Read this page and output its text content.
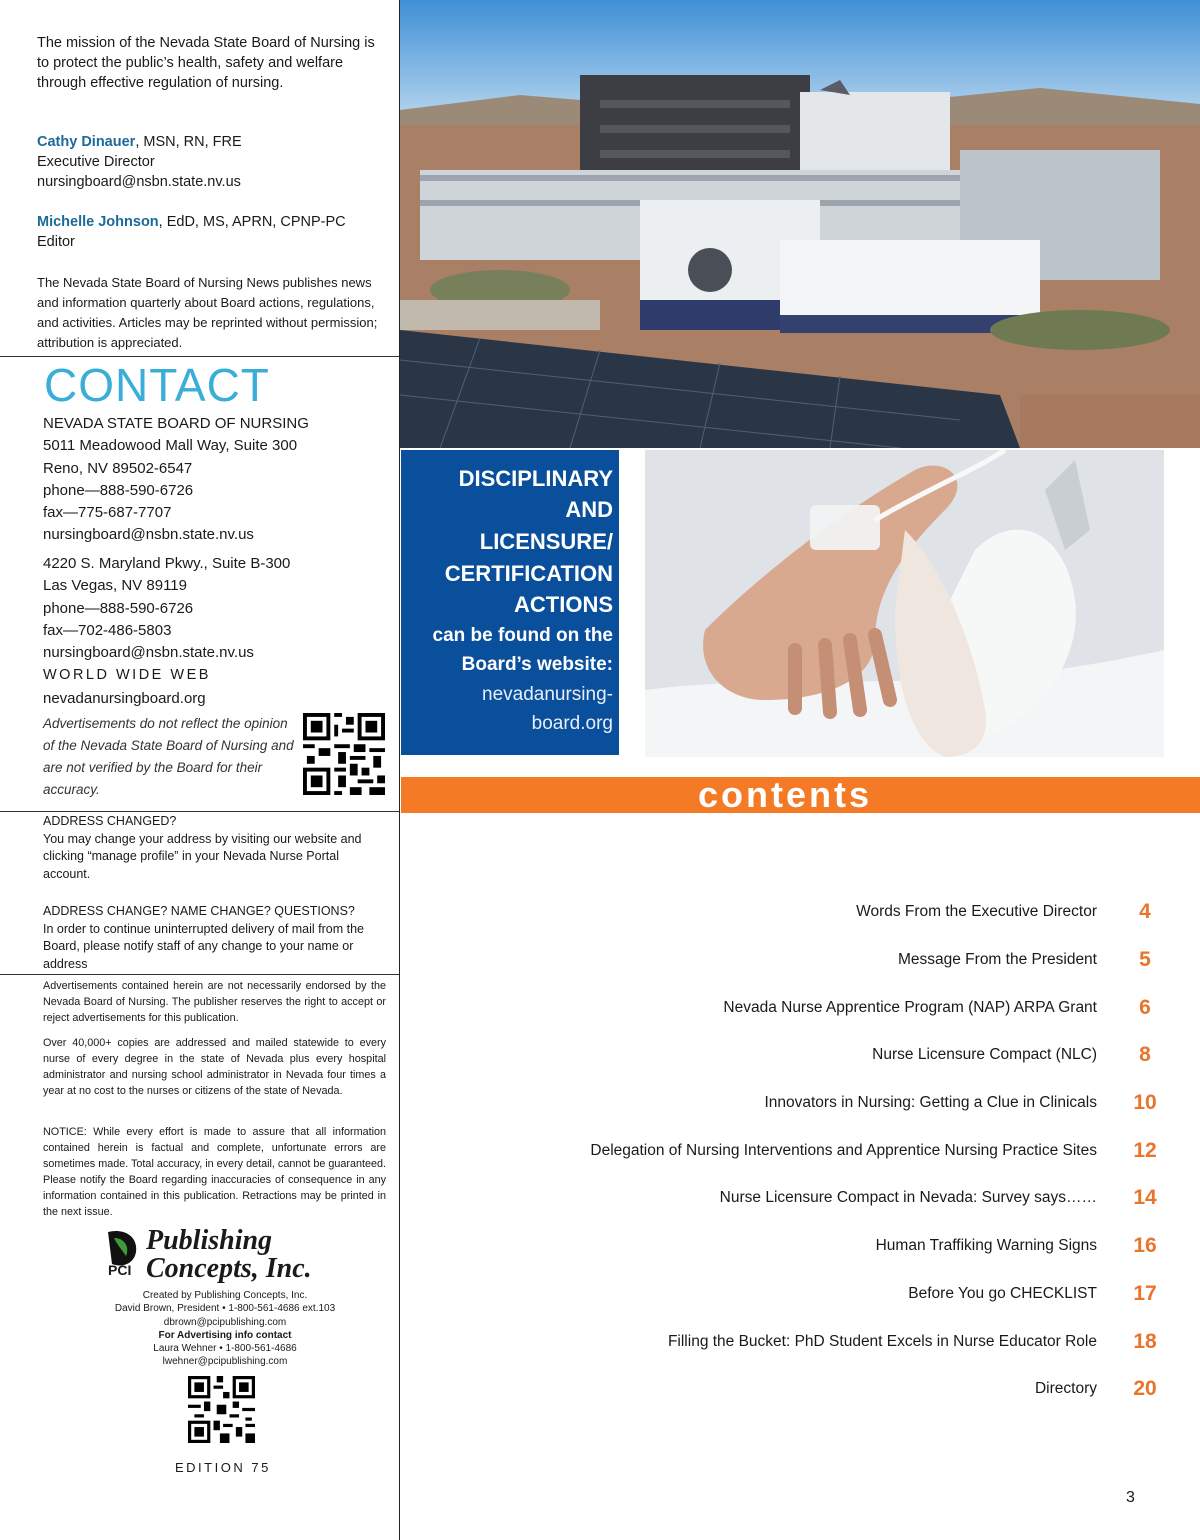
The mission of the Nevada State Board of Nursing is to protect the public’s health, safety and welfare through effective regulation of nursing.
Cathy Dinauer, MSN, RN, FRE
Executive Director
nursingboard@nsbn.state.nv.us
Michelle Johnson, EdD, MS, APRN, CPNP-PC
Editor
The Nevada State Board of Nursing News publishes news and information quarterly about Board actions, regulations, and activities. Articles may be reprinted without permission; attribution is appreciated.
CONTACT
NEVADA STATE BOARD OF NURSING
5011 Meadowood Mall Way, Suite 300
Reno, NV 89502-6547
phone—888-590-6726
fax—775-687-7707
nursingboard@nsbn.state.nv.us
4220 S. Maryland Pkwy., Suite B-300
Las Vegas, NV 89119
phone—888-590-6726
fax—702-486-5803
nursingboard@nsbn.state.nv.us
WORLD WIDE WEB
nevadanursingboard.org
Advertisements do not reflect the opinion of the Nevada State Board of Nursing and are not verified by the Board for their accuracy.
ADDRESS CHANGED?
You may change your address by visiting our website and clicking “manage profile” in your Nevada Nurse Portal account.
ADDRESS CHANGE? NAME CHANGE? QUESTIONS?
In order to continue uninterrupted delivery of mail from the Board, please notify staff of any change to your name or address
Advertisements contained herein are not necessarily endorsed by the Nevada Board of Nursing. The publisher reserves the right to accept or reject advertisements for this publication.
Over 40,000+ copies are addressed and mailed statewide to every nurse of every degree in the state of Nevada plus every hospital administrator and nursing school administrator in Nevada four times a year at no cost to the nurses or citizens of the state of Nevada.
NOTICE: While every effort is made to assure that all information contained herein is factual and complete, unfortunate errors are sometimes made. Total accuracy, in every detail, cannot be guaranteed. Please notify the Board regarding inaccuracies of consequence in any information contained in this publication. Retractions may be printed in the next issue.
PCI
Publishing
Concepts, Inc.
Created by Publishing Concepts, Inc.
David Brown, President • 1-800-561-4686 ext.103
dbrown@pcipublishing.com
For Advertising info contact
Laura Wehner • 1-800-561-4686
lwehner@pcipublishing.com
EDITION 75
DISCIPLINARY
AND
LICENSURE/
CERTIFICATION
ACTIONS
can be found on the
Board’s website:
nevadanursing-
board.org
contents
Words From the Executive Director	4
Message From the President	5
Nevada Nurse Apprentice Program (NAP) ARPA Grant	6
Nurse Licensure Compact (NLC)	8
Innovators in Nursing: Getting a Clue in Clinicals	10
Delegation of Nursing Interventions and Apprentice Nursing Practice Sites	12
Nurse Licensure Compact in Nevada: Survey says……	14
Human Traffiking Warning Signs	16
Before You go CHECKLIST	17
Filling the Bucket: PhD Student Excels in Nurse Educator Role	18
Directory	20
3
